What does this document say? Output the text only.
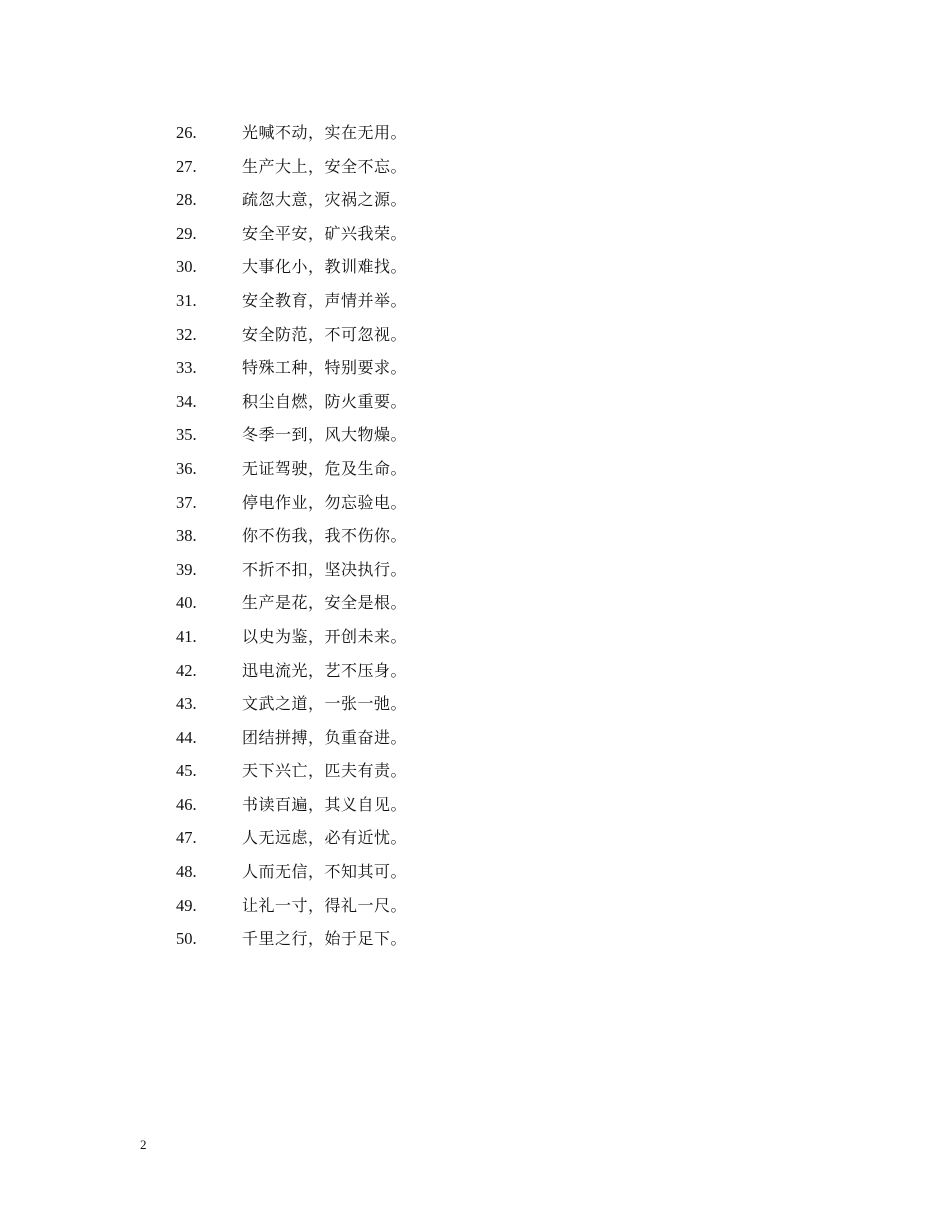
26.	光喊不动，实在无用。
27.	生产大上，安全不忘。
28.	疏忽大意，灾祸之源。
29.	安全平安，矿兴我荣。
30.	大事化小，教训难找。
31.	安全教育，声情并举。
32.	安全防范，不可忽视。
33.	特殊工种，特别要求。
34.	积尘自燃，防火重要。
35.	冬季一到，风大物燥。
36.	无证驾驶，危及生命。
37.	停电作业，勿忘验电。
38.	你不伤我，我不伤你。
39.	不折不扣，坚决执行。
40.	生产是花，安全是根。
41.	以史为鉴，开创未来。
42.	迅电流光，艺不压身。
43.	文武之道，一张一弛。
44.	团结拼搏，负重奋进。
45.	天下兴亡，匹夫有责。
46.	书读百遍，其义自见。
47.	人无远虑，必有近忧。
48.	人而无信，不知其可。
49.	让礼一寸，得礼一尺。
50.	千里之行，始于足下。
2
